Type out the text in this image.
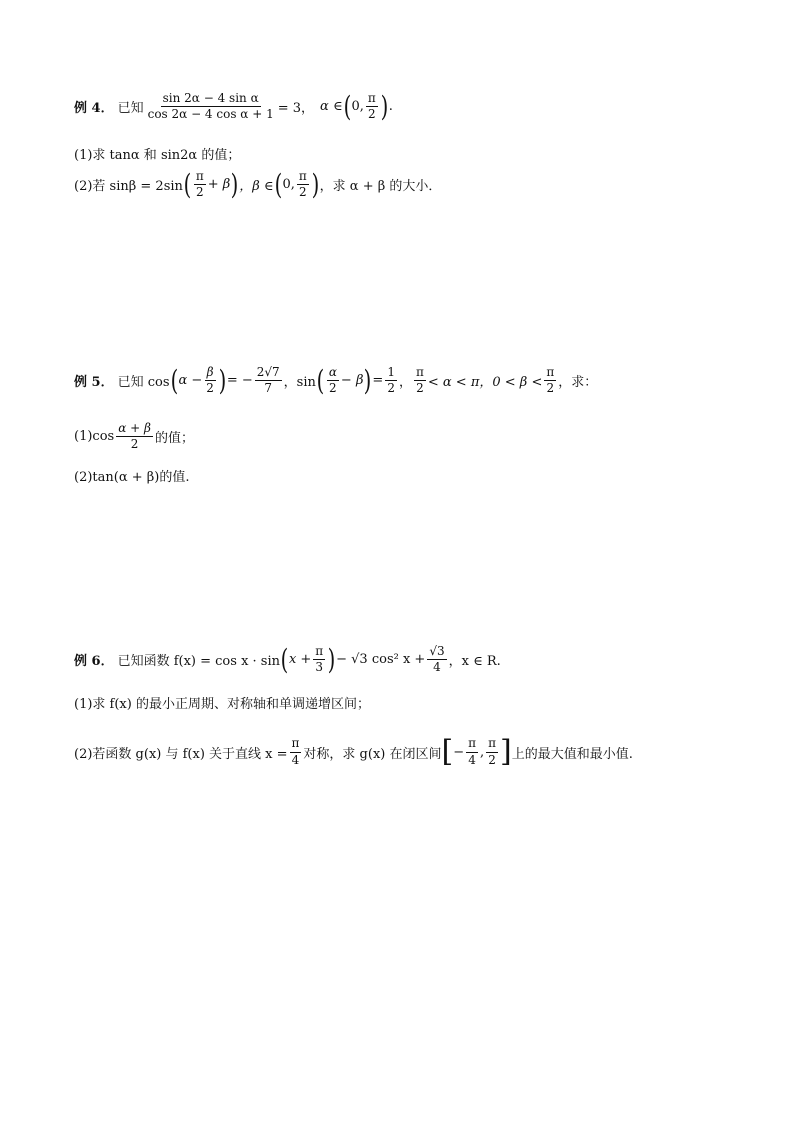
例 4． 已知 $\frac{\text{sin 2α − 4 sin α}}{\text{cos 2α − 4 cos α + 1}} = 3$， α ∈ ( 0, $\frac{\pi}{2}$ ) .
(1)求 tanα 和 sin2α 的值；
(2)若 sinβ = 2sin ( $\frac{\pi}{2} + \beta$ ) ，β ∈ ( 0, $\frac{\pi}{2}$ ) ，求 α + β 的大小．
例 5． 已知 cos ( $\alpha - \frac{\beta}{2}$ ) = − $\frac{2√7}{7}$ ，sin ( $\frac{\alpha}{2} - \beta$ ) = $\frac{1}{2}$ ， $\frac{\pi}{2} < \alpha < \pi$，$0 < \beta < \frac{\pi}{2}$ ，求：
$(1)\cos \frac{\alpha + \beta}{2}$ 的值；
(2)tan(α + β)的值.
例 6． 已知函数 f(x) = cos x · sin ( $x + \frac{\pi}{3}$ ) − √3 cos² $x + \frac{√3}{4}$ ，x ∈ R.
(1)求 f(x) 的最小正周期、对称轴和单调递增区间；
(2)若函数 g(x) 与 f(x) 关于直线 $x = \frac{\pi}{4}$ 对称，求 g(x) 在闭区间 [ − $\frac{\pi}{4}$ , $\frac{\pi}{2}$ ] 上的最大值和最小值.
